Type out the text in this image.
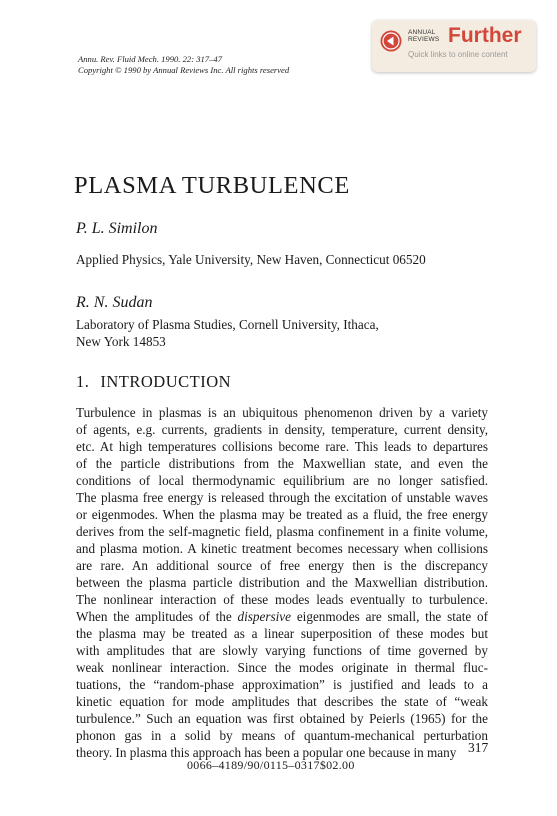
Annu. Rev. Fluid Mech. 1990. 22: 317–47
Copyright © 1990 by Annual Reviews Inc. All rights reserved
ANNUAL
REVIEWS Further
Quick links to online content
PLASMA TURBULENCE
P. L. Similon
Applied Physics, Yale University, New Haven, Connecticut 06520
R. N. Sudan
Laboratory of Plasma Studies, Cornell University, Ithaca,
New York 14853
1. INTRODUCTION
Turbulence in plasmas is an ubiquitous phenomenon driven by a variety
of agents, e.g. currents, gradients in density, temperature, current density,
etc. At high temperatures collisions become rare. This leads to departures
of the particle distributions from the Maxwellian state, and even the
conditions of local thermodynamic equilibrium are no longer satisfied.
The plasma free energy is released through the excitation of unstable waves
or eigenmodes. When the plasma may be treated as a fluid, the free energy
derives from the self-magnetic field, plasma confinement in a finite volume,
and plasma motion. A kinetic treatment becomes necessary when collisions
are rare. An additional source of free energy then is the discrepancy
between the plasma particle distribution and the Maxwellian distribution.
The nonlinear interaction of these modes leads eventually to turbulence.
When the amplitudes of the dispersive eigenmodes are small, the state of
the plasma may be treated as a linear superposition of these modes but
with amplitudes that are slowly varying functions of time governed by
weak nonlinear interaction. Since the modes originate in thermal fluc-
tuations, the “random-phase approximation” is justified and leads to a
kinetic equation for mode amplitudes that describes the state of “weak
turbulence.” Such an equation was first obtained by Peierls (1965) for the
phonon gas in a solid by means of quantum-mechanical perturbation
theory. In plasma this approach has been a popular one because in many 317
0066–4189/90/0115–0317$02.00
